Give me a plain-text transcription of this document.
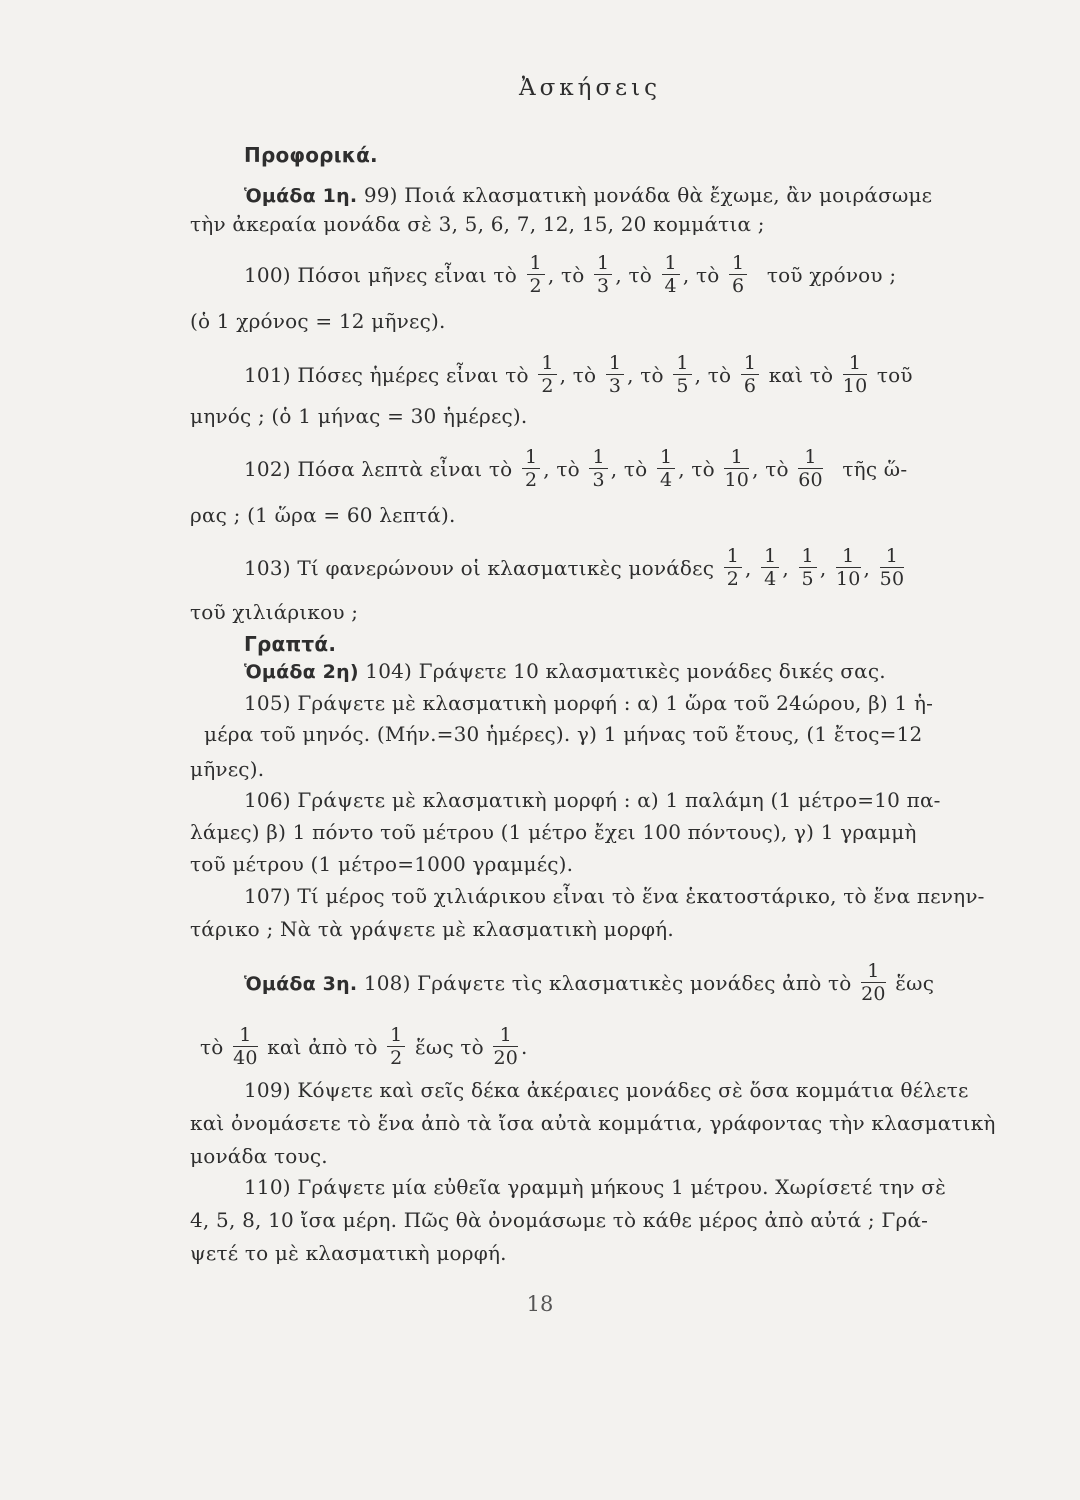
Ἀσκήσεις
Προφορικά.
Ὁμάδα 1η. 99) Ποιά κλασματικὴ μονάδα θὰ ἔχωμε, ἂν μοιράσωμε
τὴν ἀκεραία μονάδα σὲ 3, 5, 6, 7, 12, 15, 20 κομμάτια ;
100) Πόσοι μῆνες εἶναι τὸ $\frac{1}{2}$ , τὸ $\frac{1}{3}$ , τὸ $\frac{1}{4}$ , τὸ $\frac{1}{6}$ τοῦ χρόνου ;
(ὁ 1 χρόνος = 12 μῆνες).
101) Πόσες ἡμέρες εἶναι τὸ $\frac{1}{2}$ , τὸ $\frac{1}{3}$ , τὸ $\frac{1}{5}$ , τὸ $\frac{1}{6}$ καὶ τὸ $\frac{1}{10}$ τοῦ
μηνός ; (ὁ 1 μήνας = 30 ἡμέρες).
102) Πόσα λεπτὰ εἶναι τὸ $\frac{1}{2}$ , τὸ $\frac{1}{3}$ , τὸ $\frac{1}{4}$ , τὸ $\frac{1}{10}$ , τὸ $\frac{1}{60}$ τῆς ὥ-
ρας ; (1 ὥρα = 60 λεπτά).
103) Τί φανερώνουν οἱ κλασματικὲς μονάδες $\frac{1}{2}$ , $\frac{1}{4}$ , $\frac{1}{5}$ , $\frac{1}{10}$ , $\frac{1}{50}$
τοῦ χιλιάρικου ;
Γραπτά.
Ὁμάδα 2η) 104) Γράψετε 10 κλασματικὲς μονάδες δικές σας.
105) Γράψετε μὲ κλασματικὴ μορφή : α) 1 ὥρα τοῦ 24ώρου, β) 1 ἡ-
μέρα τοῦ μηνός. (Μήν.=30 ἡμέρες). γ) 1 μήνας τοῦ ἔτους, (1 ἔτος=12
μῆνες).
106) Γράψετε μὲ κλασματικὴ μορφή : α) 1 παλάμη (1 μέτρο=10 πα-
λάμες) β) 1 πόντο τοῦ μέτρου (1 μέτρο ἔχει 100 πόντους), γ) 1 γραμμὴ
τοῦ μέτρου (1 μέτρο=1000 γραμμές).
107) Τί μέρος τοῦ χιλιάρικου εἶναι τὸ ἕνα ἑκατοστάρικο, τὸ ἕνα πενην-
τάρικο ; Νὰ τὰ γράψετε μὲ κλασματικὴ μορφή.
Ὁμάδα 3η. 108) Γράψετε τὶς κλασματικὲς μονάδες ἀπὸ τὸ $\frac{1}{20}$ ἕως
τὸ $\frac{1}{40}$ καὶ ἀπὸ τὸ $\frac{1}{2}$ ἕως τὸ $\frac{1}{20}$ .
109) Κόψετε καὶ σεῖς δέκα ἀκέραιες μονάδες σὲ ὅσα κομμάτια θέλετε
καὶ ὀνομάσετε τὸ ἕνα ἀπὸ τὰ ἴσα αὐτὰ κομμάτια, γράφοντας τὴν κλασματικὴ
μονάδα τους.
110) Γράψετε μία εὐθεῖα γραμμὴ μήκους 1 μέτρου. Χωρίσετέ την σὲ
4, 5, 8, 10 ἴσα μέρη. Πῶς θὰ ὀνομάσωμε τὸ κάθε μέρος ἀπὸ αὐτά ; Γρά-
ψετέ το μὲ κλασματικὴ μορφή.
18
